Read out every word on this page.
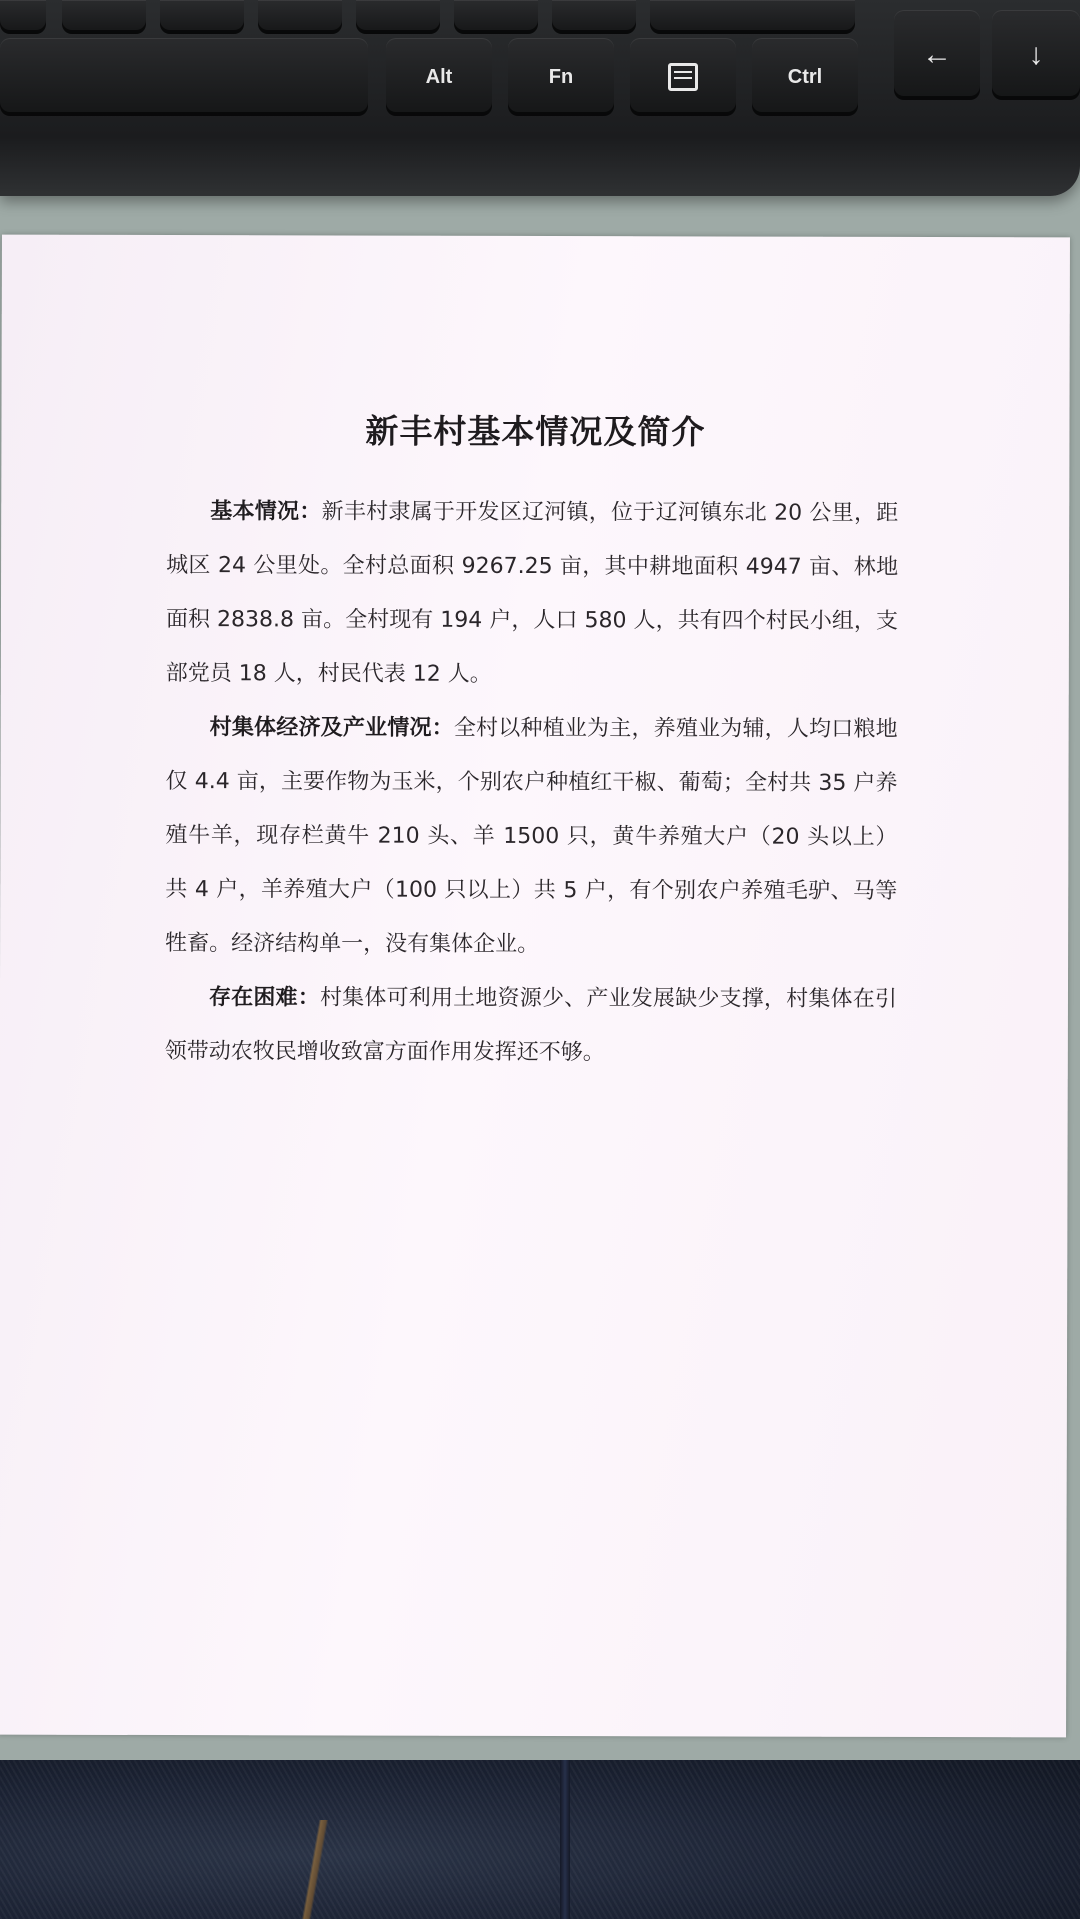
Alt	Fn	Ctrl
←	↓
新丰村基本情况及简介

基本情况：新丰村隶属于开发区辽河镇，位于辽河镇东北 20 公里，距城区 24 公里处。全村总面积 9267.25 亩，其中耕地面积 4947 亩、林地面积 2838.8 亩。全村现有 194 户，人口 580 人，共有四个村民小组，支部党员 18 人，村民代表 12 人。

村集体经济及产业情况：全村以种植业为主，养殖业为辅，人均口粮地仅 4.4 亩，主要作物为玉米，个别农户种植红干椒、葡萄；全村共 35 户养殖牛羊，现存栏黄牛 210 头、羊 1500 只，黄牛养殖大户（20 头以上）共 4 户，羊养殖大户（100 只以上）共 5 户，有个别农户养殖毛驴、马等牲畜。经济结构单一，没有集体企业。

存在困难：村集体可利用土地资源少、产业发展缺少支撑，村集体在引领带动农牧民增收致富方面作用发挥还不够。
